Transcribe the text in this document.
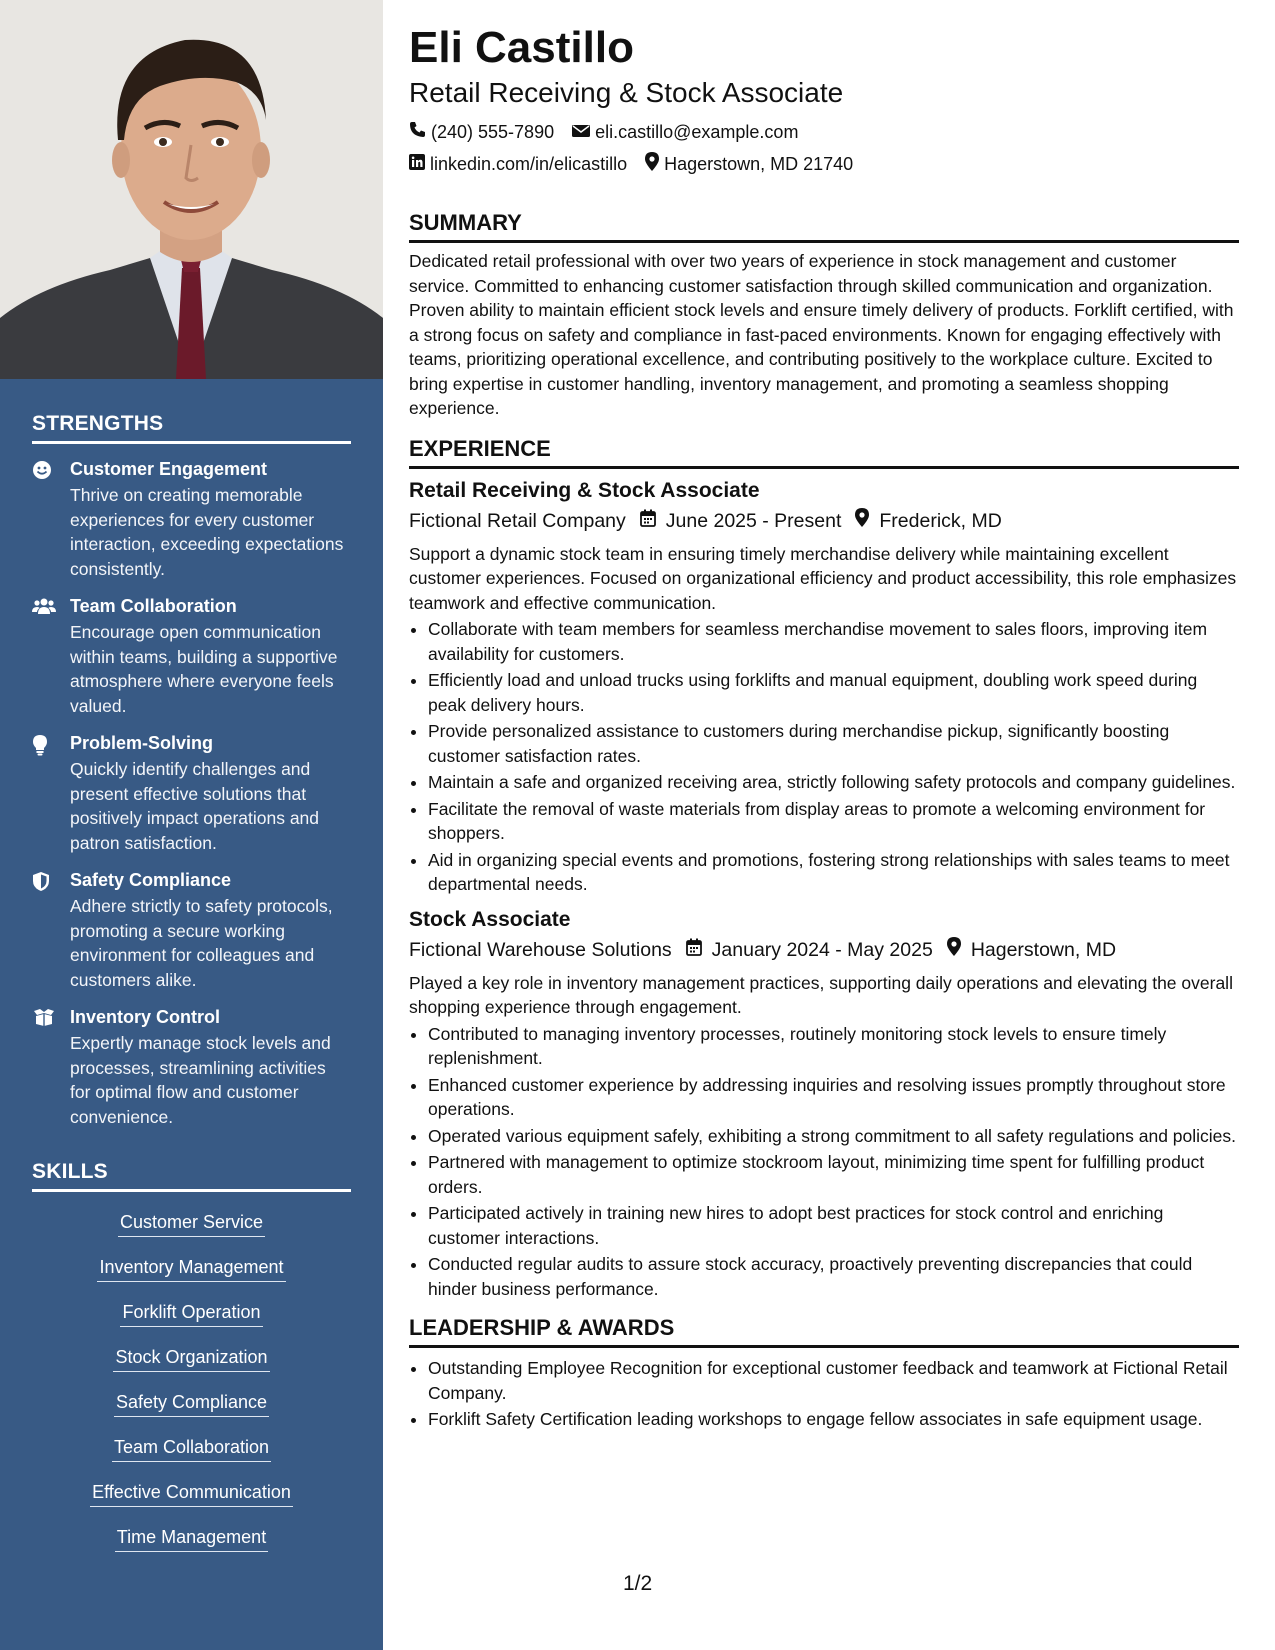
STRENGTHS
Customer Engagement
Thrive on creating memorable experiences for every customer interaction, exceeding expectations consistently.
Team Collaboration
Encourage open communication within teams, building a supportive atmosphere where everyone feels valued.
Problem-Solving
Quickly identify challenges and present effective solutions that positively impact operations and patron satisfaction.
Safety Compliance
Adhere strictly to safety protocols, promoting a secure working environment for colleagues and customers alike.
Inventory Control
Expertly manage stock levels and processes, streamlining activities for optimal flow and customer convenience.
SKILLS
Customer Service
Inventory Management
Forklift Operation
Stock Organization
Safety Compliance
Team Collaboration
Effective Communication
Time Management
Eli Castillo
Retail Receiving & Stock Associate
(240) 555-7890 eli.castillo@example.com
linkedin.com/in/elicastillo Hagerstown, MD 21740
SUMMARY

Dedicated retail professional with over two years of experience in stock management and customer service. Committed to enhancing customer satisfaction through skilled communication and organization. Proven ability to maintain efficient stock levels and ensure timely delivery of products. Forklift certified, with a strong focus on safety and compliance in fast-paced environments. Known for engaging effectively with teams, prioritizing operational excellence, and contributing positively to the workplace culture. Excited to bring expertise in customer handling, inventory management, and promoting a seamless shopping experience.

EXPERIENCE
Retail Receiving & Stock Associate
Fictional Retail Company June 2025 - Present Frederick, MD

Support a dynamic stock team in ensuring timely merchandise delivery while maintaining excellent customer experiences. Focused on organizational efficiency and product accessibility, this role emphasizes teamwork and effective communication.

• Collaborate with team members for seamless merchandise movement to sales floors, improving item availability for customers.
• Efficiently load and unload trucks using forklifts and manual equipment, doubling work speed during peak delivery hours.
• Provide personalized assistance to customers during merchandise pickup, significantly boosting customer satisfaction rates.
• Maintain a safe and organized receiving area, strictly following safety protocols and company guidelines.
• Facilitate the removal of waste materials from display areas to promote a welcoming environment for shoppers.
• Aid in organizing special events and promotions, fostering strong relationships with sales teams to meet departmental needs.
Stock Associate
Fictional Warehouse Solutions January 2024 - May 2025 Hagerstown, MD

Played a key role in inventory management practices, supporting daily operations and elevating the overall shopping experience through engagement.

• Contributed to managing inventory processes, routinely monitoring stock levels to ensure timely replenishment.
• Enhanced customer experience by addressing inquiries and resolving issues promptly throughout store operations.
• Operated various equipment safely, exhibiting a strong commitment to all safety regulations and policies.
• Partnered with management to optimize stockroom layout, minimizing time spent for fulfilling product orders.
• Participated actively in training new hires to adopt best practices for stock control and enriching customer interactions.
• Conducted regular audits to assure stock accuracy, proactively preventing discrepancies that could hinder business performance.
LEADERSHIP & AWARDS
• Outstanding Employee Recognition for exceptional customer feedback and teamwork at Fictional Retail Company.
• Forklift Safety Certification leading workshops to engage fellow associates in safe equipment usage.
1/2
